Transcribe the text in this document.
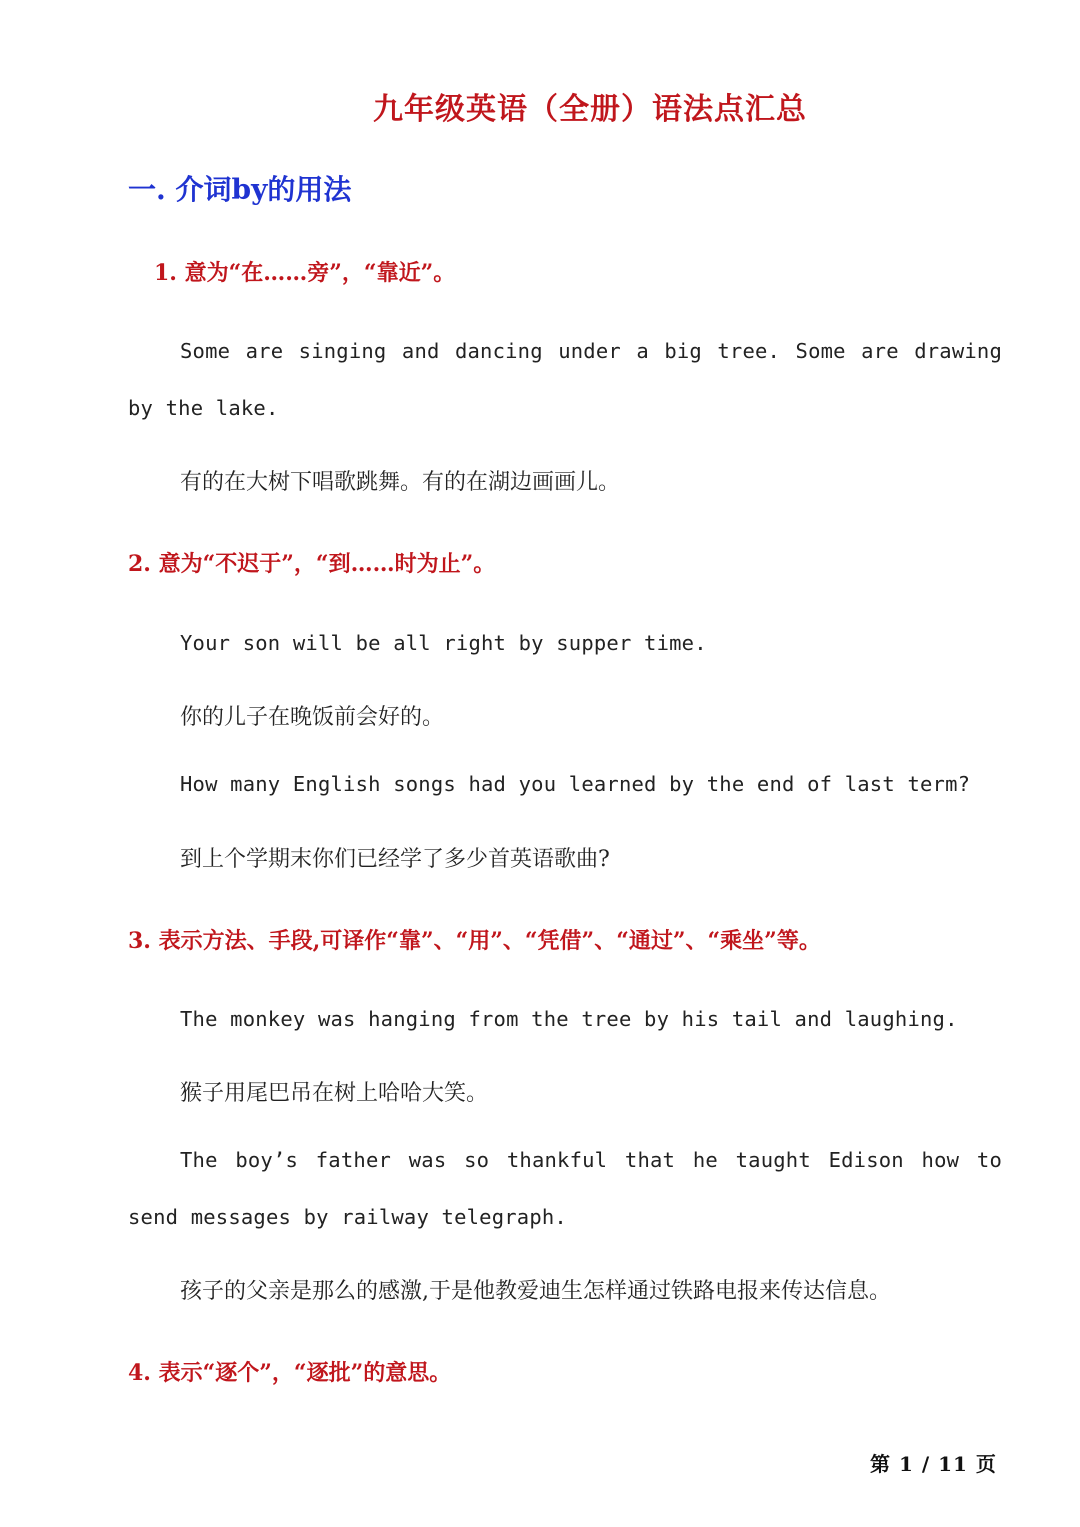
九年级英语（全册）语法点汇总
一. 介词by的用法
1. 意为“在……旁”，“靠近”。
Some are singing and dancing under a big tree. Some are drawing
by the lake.
有的在大树下唱歌跳舞。有的在湖边画画儿。
2. 意为“不迟于”，“到……时为止”。
Your son will be all right by supper time.
你的儿子在晚饭前会好的。
How many English songs had you learned by the end of last term?
到上个学期末你们已经学了多少首英语歌曲?
3. 表示方法、手段,可译作“靠”、“用”、“凭借”、“通过”、“乘坐”等。
The monkey was hanging from the tree by his tail and laughing.
猴子用尾巴吊在树上哈哈大笑。
The boy’s father was so thankful that he taught Edison how to
send messages by railway telegraph.
孩子的父亲是那么的感激,于是他教爱迪生怎样通过铁路电报来传达信息。
4. 表示“逐个”，“逐批”的意思。
第 1 / 11 页
